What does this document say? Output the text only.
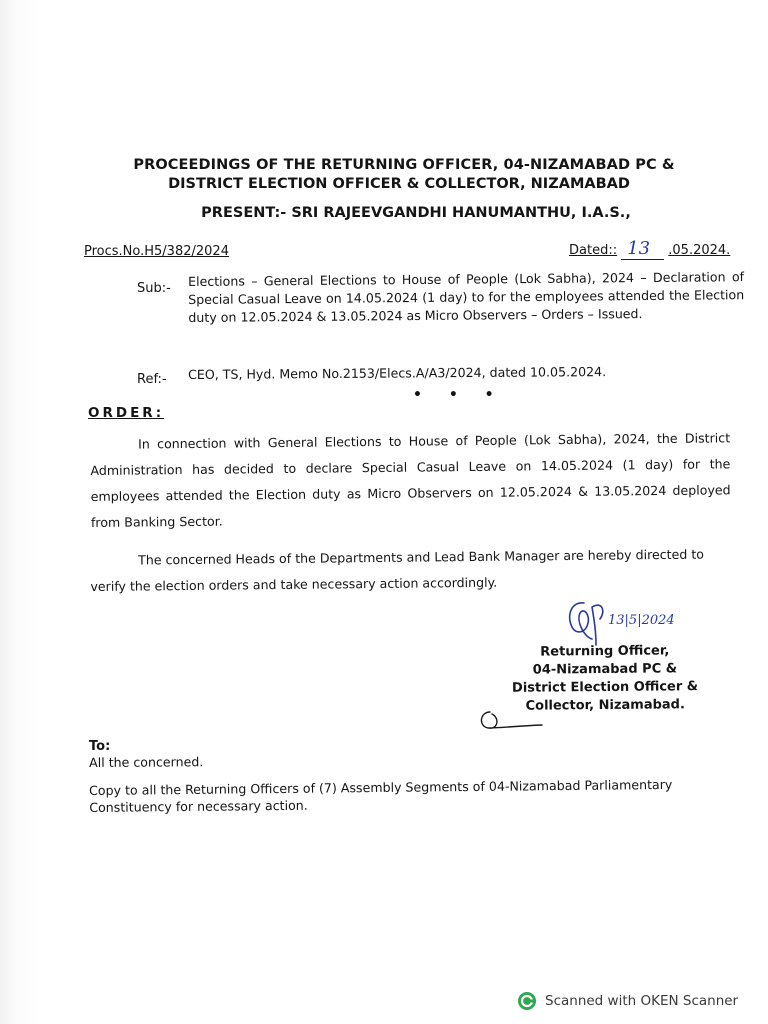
PROCEEDINGS OF THE RETURNING OFFICER, 04-NIZAMABAD PC &
DISTRICT ELECTION OFFICER & COLLECTOR, NIZAMABAD
PRESENT:- SRI RAJEEVGANDHI HANUMANTHU, I.A.S.,
Procs.No.H5/382/2024	Dated:: 13 .05.2024.
Sub:- Elections – General Elections to House of People (Lok Sabha), 2024 – Declaration of Special Casual Leave on 14.05.2024 (1 day) to for the employees attended the Election duty on 12.05.2024 & 13.05.2024 as Micro Observers – Orders – Issued.
Ref:- CEO, TS, Hyd. Memo No.2153/Elecs.A/A3/2024, dated 10.05.2024.
• • •
ORDER:
In connection with General Elections to House of People (Lok Sabha), 2024, the District Administration has decided to declare Special Casual Leave on 14.05.2024 (1 day) for the employees attended the Election duty as Micro Observers on 12.05.2024 & 13.05.2024 deployed from Banking Sector.
The concerned Heads of the Departments and Lead Bank Manager are hereby directed to verify the election orders and take necessary action accordingly.
13|5|2024
Returning Officer,
04-Nizamabad PC &
District Election Officer &
Collector, Nizamabad.
To:
All the concerned.
Copy to all the Returning Officers of (7) Assembly Segments of 04-Nizamabad Parliamentary Constituency for necessary action.
Scanned with OKEN Scanner
